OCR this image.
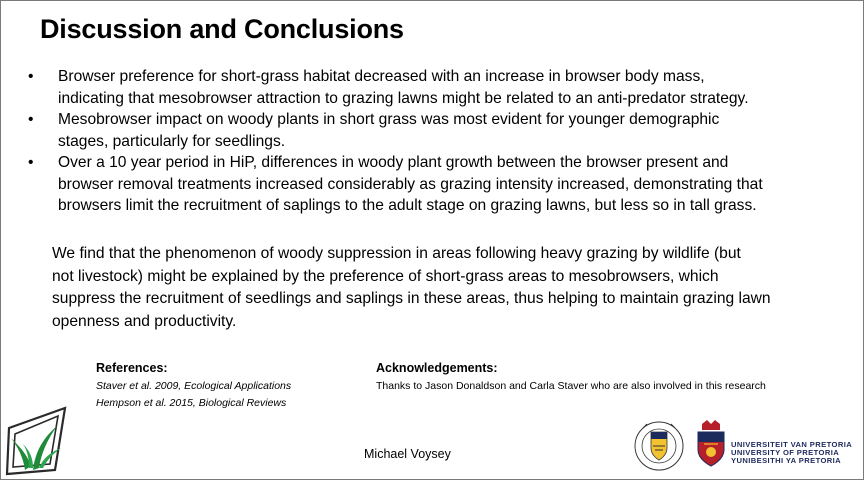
Discussion and Conclusions
• Browser preference for short-grass habitat decreased with an increase in browser body mass,
indicating that mesobrowser attraction to grazing lawns might be related to an anti-predator strategy.
• Mesobrowser impact on woody plants in short grass was most evident for younger demographic
stages, particularly for seedlings.
• Over a 10 year period in HiP, differences in woody plant growth between the browser present and
browser removal treatments increased considerably as grazing intensity increased, demonstrating that
browsers limit the recruitment of saplings to the adult stage on grazing lawns, but less so in tall grass.
We find that the phenomenon of woody suppression in areas following heavy grazing by wildlife (but
not livestock) might be explained by the preference of short-grass areas to mesobrowsers, which
suppress the recruitment of seedlings and saplings in these areas, thus helping to maintain grazing lawn
openness and productivity.
References:
Staver et al. 2009, Ecological Applications
Hempson et al. 2015, Biological Reviews
Acknowledgements:
Thanks to Jason Donaldson and Carla Staver who are also involved in this research
Michael Voysey
UNIVERSITEIT VAN PRETORIA
UNIVERSITY OF PRETORIA
YUNIBESITHI YA PRETORIA
